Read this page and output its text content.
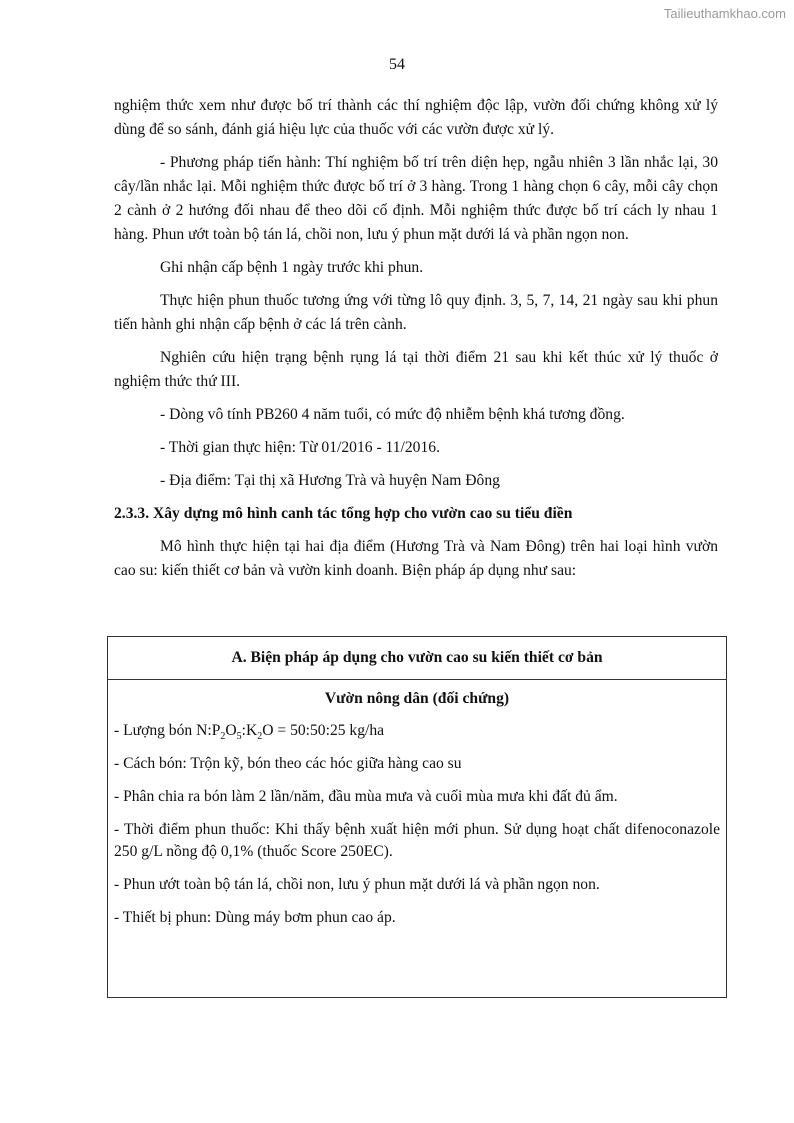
Tailieuthamkhao.com
54

nghiệm thức xem như được bố trí thành các thí nghiệm độc lập, vườn đối chứng không xử lý dùng để so sánh, đánh giá hiệu lực của thuốc với các vườn được xử lý.

- Phương pháp tiến hành: Thí nghiệm bố trí trên diện hẹp, ngẫu nhiên 3 lần nhắc lại, 30 cây/lần nhắc lại. Mỗi nghiệm thức được bố trí ở 3 hàng. Trong 1 hàng chọn 6 cây, mỗi cây chọn 2 cành ở 2 hướng đối nhau để theo dõi cố định. Mỗi nghiệm thức được bố trí cách ly nhau 1 hàng. Phun ướt toàn bộ tán lá, chồi non, lưu ý phun mặt dưới lá và phần ngọn non.

Ghi nhận cấp bệnh 1 ngày trước khi phun.

Thực hiện phun thuốc tương ứng với từng lô quy định. 3, 5, 7, 14, 21 ngày sau khi phun tiến hành ghi nhận cấp bệnh ở các lá trên cành.

Nghiên cứu hiện trạng bệnh rụng lá tại thời điểm 21 sau khi kết thúc xử lý thuốc ở nghiệm thức thứ III.

- Dòng vô tính PB260 4 năm tuổi, có mức độ nhiễm bệnh khá tương đồng.

- Thời gian thực hiện: Từ 01/2016 - 11/2016.

- Địa điểm: Tại thị xã Hương Trà và huyện Nam Đông

2.3.3. Xây dựng mô hình canh tác tổng hợp cho vườn cao su tiểu điền

Mô hình thực hiện tại hai địa điểm (Hương Trà và Nam Đông) trên hai loại hình vườn cao su: kiến thiết cơ bản và vườn kinh doanh. Biện pháp áp dụng như sau:

A. Biện pháp áp dụng cho vườn cao su kiến thiết cơ bản
Vườn nông dân (đối chứng)

- Lượng bón $N:P_2O_5:K_2O$ = 50:50:25 kg/ha

- Cách bón: Trộn kỹ, bón theo các hóc giữa hàng cao su

- Phân chia ra bón làm 2 lần/năm, đầu mùa mưa và cuối mùa mưa khi đất đủ ẩm.

- Thời điểm phun thuốc: Khi thấy bệnh xuất hiện mới phun. Sử dụng hoạt chất difenoconazole 250 g/L nồng độ 0,1% (thuốc Score 250EC).

- Phun ướt toàn bộ tán lá, chồi non, lưu ý phun mặt dưới lá và phần ngọn non.

- Thiết bị phun: Dùng máy bơm phun cao áp.
